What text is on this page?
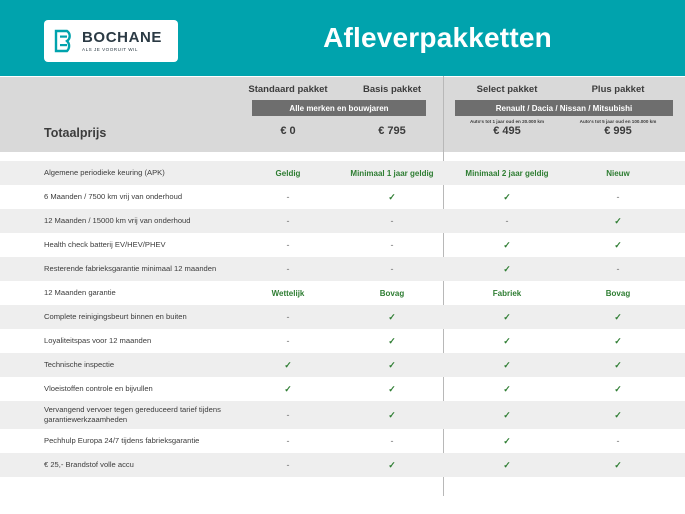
BOCHANE
ALS JE VOORUIT WIL	Afleverpakketten
Standaard pakket	Basis pakket	Select pakket	Plus pakket
Alle merken en bouwjaren	Renault / Dacia / Nissan / Mitsubishi
Auto's tot 1 jaar oud en 20.000 km	Auto's tot 5 jaar oud en 100.000 km
Totaalprijs	€ 0	€ 795	€ 495	€ 995
Algemene periodieke keuring (APK)	Geldig	Minimaal 1 jaar geldig	Minimaal 2 jaar geldig	Nieuw
6 Maanden / 7500 km vrij van onderhoud	-	✓	✓	-
12 Maanden / 15000 km vrij van onderhoud	-	-	-	✓
Health check batterij EV/HEV/PHEV	-	-	✓	✓
Resterende fabrieksgarantie minimaal 12 maanden	-	-	✓	-
12 Maanden garantie	Wettelijk	Bovag	Fabriek	Bovag
Complete reinigingsbeurt binnen en buiten	-	✓	✓	✓
Loyaliteitspas voor 12 maanden	-	✓	✓	✓
Technische inspectie	✓	✓	✓	✓
Vloeistoffen controle en bijvullen	✓	✓	✓	✓
Vervangend vervoer tegen gereduceerd tarief tijdens garantiewerkzaamheden	-	✓	✓	✓
Pechhulp Europa 24/7 tijdens fabrieksgarantie	-	-	✓	-
€ 25,- Brandstof volle accu	-	✓	✓	✓
